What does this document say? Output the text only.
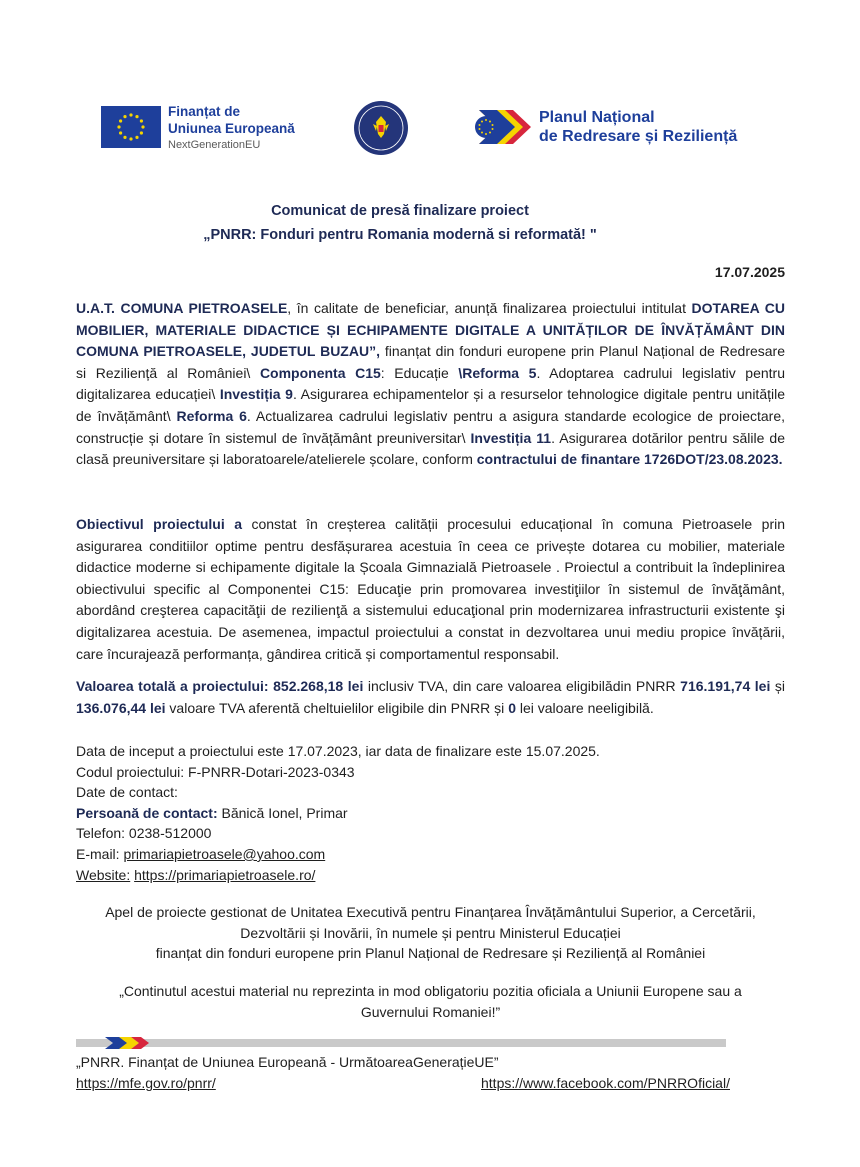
Finanțat de
Uniunea Europeană
NextGenerationEU
Planul Național
de Redresare și Reziliență
Comunicat de presă finalizare proiect
„PNRR: Fonduri pentru Romania modernă si reformată! "
17.07.2025
U.A.T. COMUNA PIETROASELE, în calitate de beneficiar, anunță finalizarea proiectului intitulat DOTAREA CU MOBILIER, MATERIALE DIDACTICE ȘI ECHIPAMENTE DIGITALE A UNITĂȚILOR DE ÎNVĂȚĂMÂNT DIN COMUNA PIETROASELE, JUDETUL BUZAU”, finanțat din fonduri europene prin Planul Național de Redresare si Reziliență al României\ Componenta C15: Educație \Reforma 5. Adoptarea cadrului legislativ pentru digitalizarea educației\ Investiția 9. Asigurarea echipamentelor și a resurselor tehnologice digitale pentru unitățile de învățământ\ Reforma 6. Actualizarea cadrului legislativ pentru a asigura standarde ecologice de proiectare, construcție și dotare în sistemul de învățământ preuniversitar\ Investiția 11. Asigurarea dotărilor pentru sălile de clasă preuniversitare și laboratoarele/atelierele școlare, conform contractului de finantare 1726DOT/23.08.2023.
Obiectivul proiectului a constat în creșterea calității procesului educațional în comuna Pietroasele prin asigurarea conditiilor optime pentru desfășurarea acestuia în ceea ce privește dotarea cu mobilier, materiale didactice moderne si echipamente digitale la Școala Gimnazială Pietroasele . Proiectul a contribuit la îndeplinirea obiectivului specific al Componentei C15: Educaţie prin promovarea investiţiilor în sistemul de învăţământ, abordând creşterea capacităţii de rezilienţă a sistemului educaţional prin modernizarea infrastructurii existente şi digitalizarea acestuia. De asemenea, impactul proiectului a constat in dezvoltarea unui mediu propice învățării, care încurajează performanța, gândirea critică și comportamentul responsabil.
Valoarea totală a proiectului: 852.268,18 lei inclusiv TVA, din care valoarea eligibilădin PNRR 716.191,74 lei și 136.076,44 lei valoare TVA aferentă cheltuielilor eligibile din PNRR și 0 lei valoare neeligibilă.
Data de inceput a proiectului este 17.07.2023, iar data de finalizare este 15.07.2025.
Codul proiectului: F-PNRR-Dotari-2023-0343
Date de contact:
Persoană de contact: Bănică Ionel, Primar
Telefon: 0238-512000
E-mail: primariapietroasele@yahoo.com
Website: https://primariapietroasele.ro/
Apel de proiecte gestionat de Unitatea Executivă pentru Finanțarea Învățământului Superior, a Cercetării,
Dezvoltării și Inovării, în numele și pentru Ministerul Educației
finanțat din fonduri europene prin Planul Național de Redresare și Reziliență al României
„Continutul acestui material nu reprezinta in mod obligatoriu pozitia oficiala a Uniunii Europene sau a
Guvernului Romaniei!”
„PNRR. Finanțat de Uniunea Europeană - UrmătoareaGenerațieUE”
https://mfe.gov.ro/pnrr/	https://www.facebook.com/PNRROficial/
